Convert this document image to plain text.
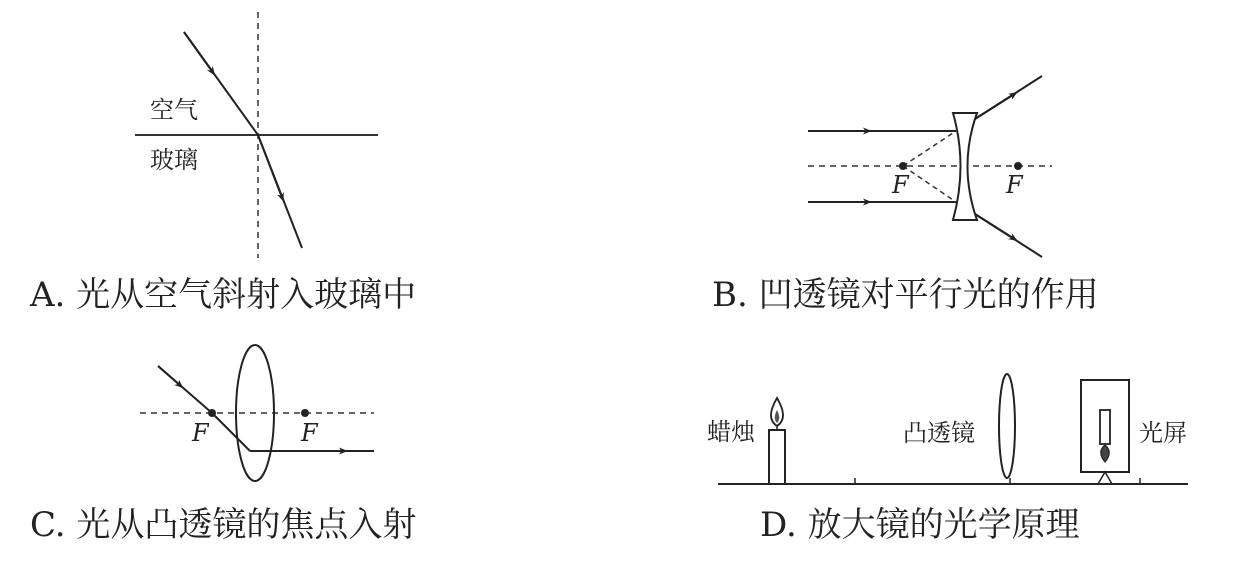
空气
玻璃
A. 光从空气斜射入玻璃中
F	F
B. 凹透镜对平行光的作用
F	F
C. 光从凸透镜的焦点入射
蜡烛	凸透镜	光屏
D. 放大镜的光学原理
